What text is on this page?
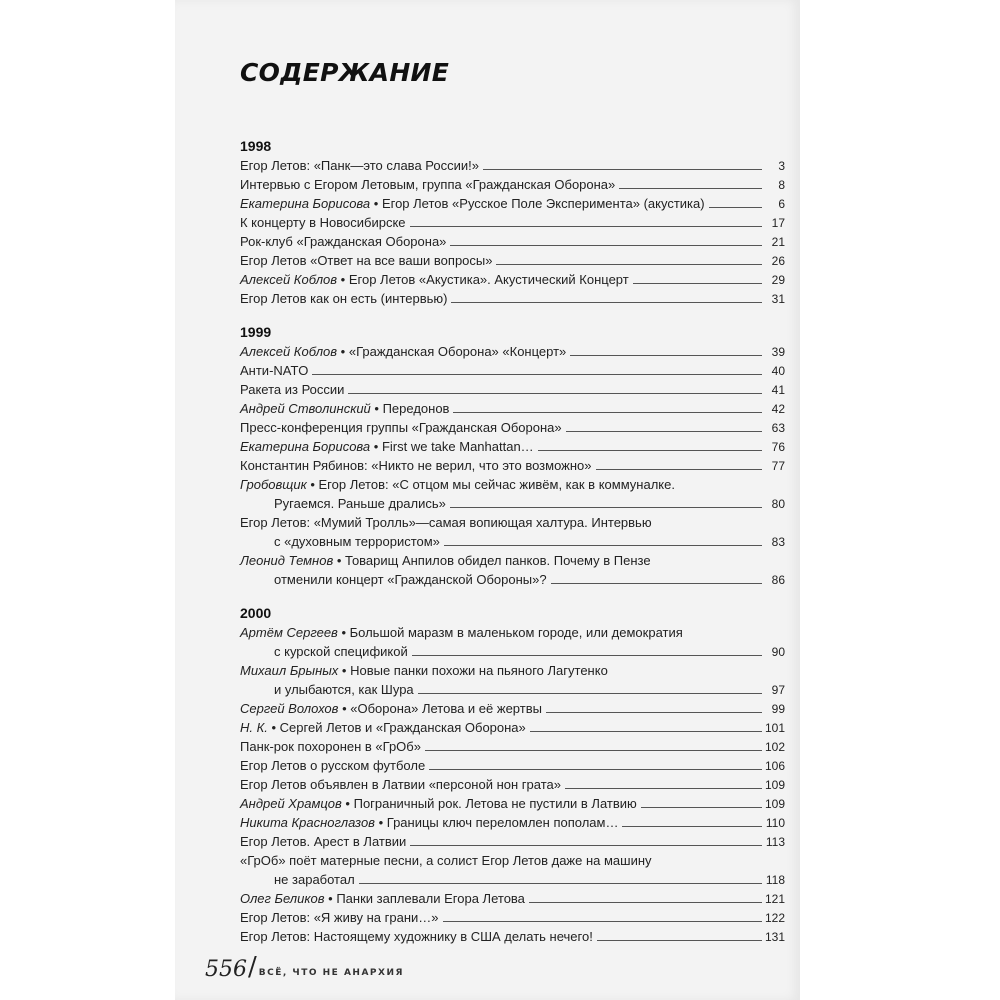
СОДЕРЖАНИЕ
1998
Егор Летов: «Панк—это слава России!»	3
Интервью с Егором Летовым, группа «Гражданская Оборона»	8
Екатерина Борисова • Егор Летов «Русское Поле Эксперимента» (акустика)	6
К концерту в Новосибирске	17
Рок-клуб «Гражданская Оборона»	21
Егор Летов «Ответ на все ваши вопросы»	26
Алексей Коблов • Егор Летов «Акустика». Акустический Концерт	29
Егор Летов как он есть (интервью)	31
1999
Алексей Коблов • «Гражданская Оборона» «Концерт»	39
Анти-NATO	40
Ракета из России	41
Андрей Стволинский • Передонов	42
Пресс-конференция группы «Гражданская Оборона»	63
Екатерина Борисова • First we take Manhattan…	76
Константин Рябинов: «Никто не верил, что это возможно»	77
Гробовщик • Егор Летов: «С отцом мы сейчас живём, как в коммуналке.
Ругаемся. Раньше дрались»	80
Егор Летов: «Мумий Тролль»—самая вопиющая халтура. Интервью
с «духовным террористом»	83
Леонид Темнов • Товарищ Анпилов обидел панков. Почему в Пензе
отменили концерт «Гражданской Обороны»?	86
2000
Артём Сергеев • Большой маразм в маленьком городе, или демократия
с курской спецификой	90
Михаил Брыных • Новые панки похожи на пьяного Лагутенко
и улыбаются, как Шура	97
Сергей Волохов • «Оборона» Летова и её жертвы	99
Н. К. • Сергей Летов и «Гражданская Оборона»	101
Панк-рок похоронен в «ГрОб»	102
Егор Летов о русском футболе	106
Егор Летов объявлен в Латвии «персоной нон грата»	109
Андрей Храмцов • Пограничный рок. Летова не пустили в Латвию	109
Никита Красноглазов • Границы ключ переломлен пополам…	110
Егор Летов. Арест в Латвии	113
«ГрОб» поёт матерные песни, а солист Егор Летов даже на машину
не заработал	118
Олег Беликов • Панки заплевали Егора Летова	121
Егор Летов: «Я живу на грани…»	122
Егор Летов: Настоящему художнику в США делать нечего!	131
556 / ВСЁ, ЧТО НЕ АНАРХИЯ
